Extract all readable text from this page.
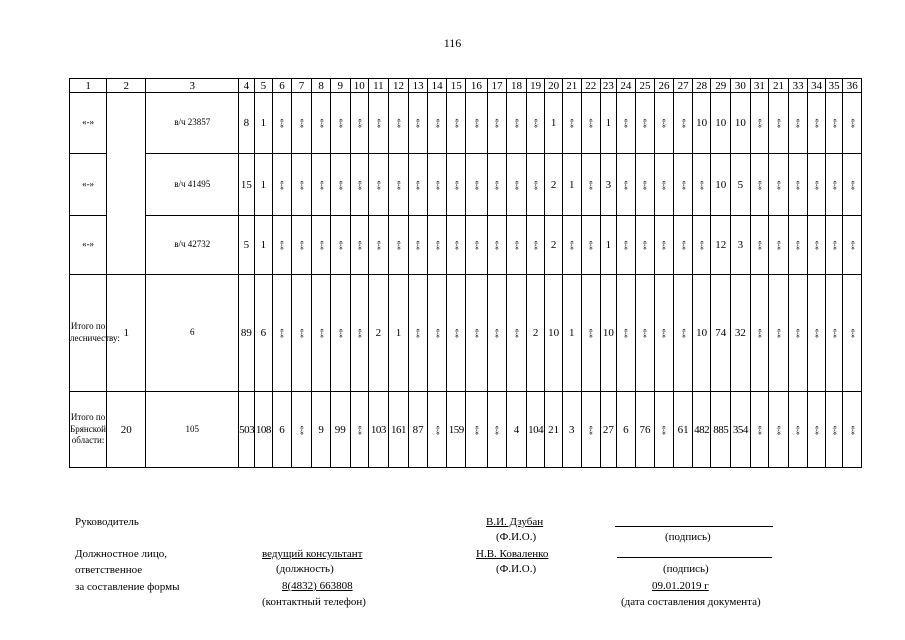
116
1	2	3	4	5	6	7	8	9	10	11	12	13	14	15	16	17	18	19	20	21	22	23	24	25	26	27	28	29	30	31	21	33	34	35	36
«-»		в/ч 23857	8	1	«-»	«-»	«-»	«-»	«-»	«-»	«-»	«-»	«-»	«-»	«-»	«-»	«-»	«-»	1	«-»	«-»	1	«-»	«-»	«-»	«-»	10	10	10	«-»	«-»	«-»	«-»	«-»	«-»
«-»		в/ч 41495	15	1	«-»	«-»	«-»	«-»	«-»	«-»	«-»	«-»	«-»	«-»	«-»	«-»	«-»	«-»	2	1	«-»	3	«-»	«-»	«-»	«-»	«-»	10	5	«-»	«-»	«-»	«-»	«-»	«-»
«-»		в/ч 42732	5	1	«-»	«-»	«-»	«-»	«-»	«-»	«-»	«-»	«-»	«-»	«-»	«-»	«-»	«-»	2	«-»	«-»	1	«-»	«-»	«-»	«-»	«-»	12	3	«-»	«-»	«-»	«-»	«-»	«-»
Итого по лесничеству:	1	6	89	6	«-»	«-»	«-»	«-»	«-»	2	1	«-»	«-»	«-»	«-»	«-»	«-»	2	10	1	«-»	10	«-»	«-»	«-»	«-»	10	74	32	«-»	«-»	«-»	«-»	«-»	«-»
Итого по Брянской области:	20	105	503	108	6	«-»	9	99	«-»	103	161	87	«-»	159	«-»	«-»	4	104	21	3	«-»	27	6	76	«-»	61	482	885	354	«-»	«-»	«-»	«-»	«-»	«-»
Руководитель	В.И. Дзубан
(Ф.И.О.)	(подпись)
Должностное лицо,
ответственное
за составление формы
ведущий консультант
(должность)
8(4832) 663808
(контактный телефон)
Н.В. Коваленко
(Ф.И.О.)	(подпись)
09.01.2019 г
(дата составления документа)
